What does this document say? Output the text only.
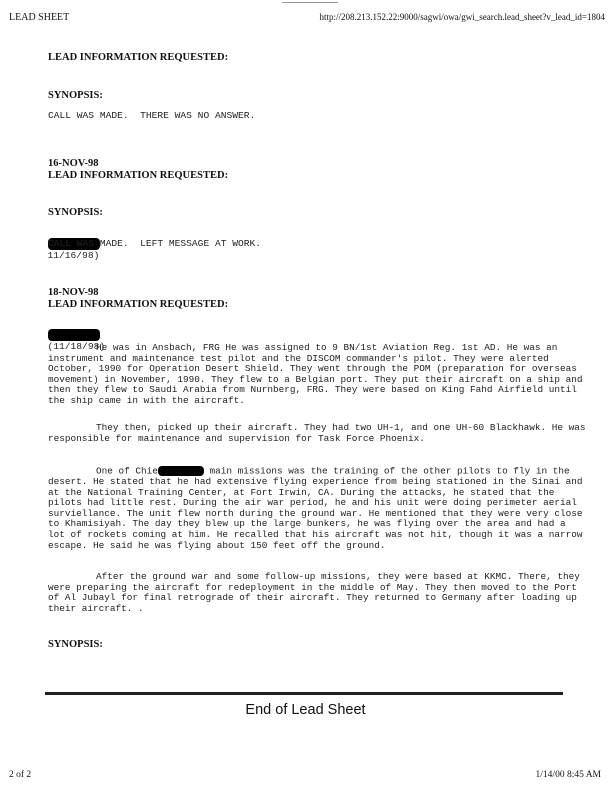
LEAD SHEET	http://208.213.152.22:9000/sagwi/owa/gwi_search.lead_sheet?v_lead_id=1804
LEAD INFORMATION REQUESTED:
SYNOPSIS:
CALL WAS MADE.  THERE WAS NO ANSWER.
16-NOV-98
LEAD INFORMATION REQUESTED:
SYNOPSIS:

11/16/98)

CALL WAS MADE.  LEFT MESSAGE AT WORK.
18-NOV-98
LEAD INFORMATION REQUESTED:

(11/18/98)

He was in Ansbach, FRG He was assigned to 9 BN/1st Aviation Reg. 1st AD. He was an instrument and maintenance test pilot and the DISCOM commander's pilot. They were alerted October, 1990 for Operation Desert Shield. They went through the POM (preparation for overseas movement) in November, 1990. They flew to a Belgian port. They put their aircraft on a ship and then they flew to Saudi Arabia from Nurnberg, FRG. They were based on King Fahd Airfield until the ship came in with the aircraft.
They then, picked up their aircraft. They had two UH-1, and one UH-60 Blackhawk. He was responsible for maintenance and supervision for Task Force Phoenix.
One of Chie	main missions was the training of the other pilots to fly in the desert. He stated that he had extensive flying experience from being stationed in the Sinai and at the National Training Center, at Fort Irwin, CA. During the attacks, he stated that the pilots had little rest. During the air war period, he and his unit were doing perimeter aerial surviellance. The unit flew north during the ground war. He mentioned that they were very close to Khamisiyah. The day they blew up the large bunkers, he was flying over the area and had a lot of rockets coming at him. He recalled that his aircraft was not hit, though it was a narrow escape. He said he was flying about 150 feet off the ground.
After the ground war and some follow-up missions, they were based at KKMC. There, they were preparing the aircraft for redeployment in the middle of May. They then moved to the Port of Al Jubayl for final retrograde of their aircraft. They returned to Germany after loading up their aircraft. .
SYNOPSIS:
End of Lead Sheet
2 of 2	1/14/00 8:45 AM
